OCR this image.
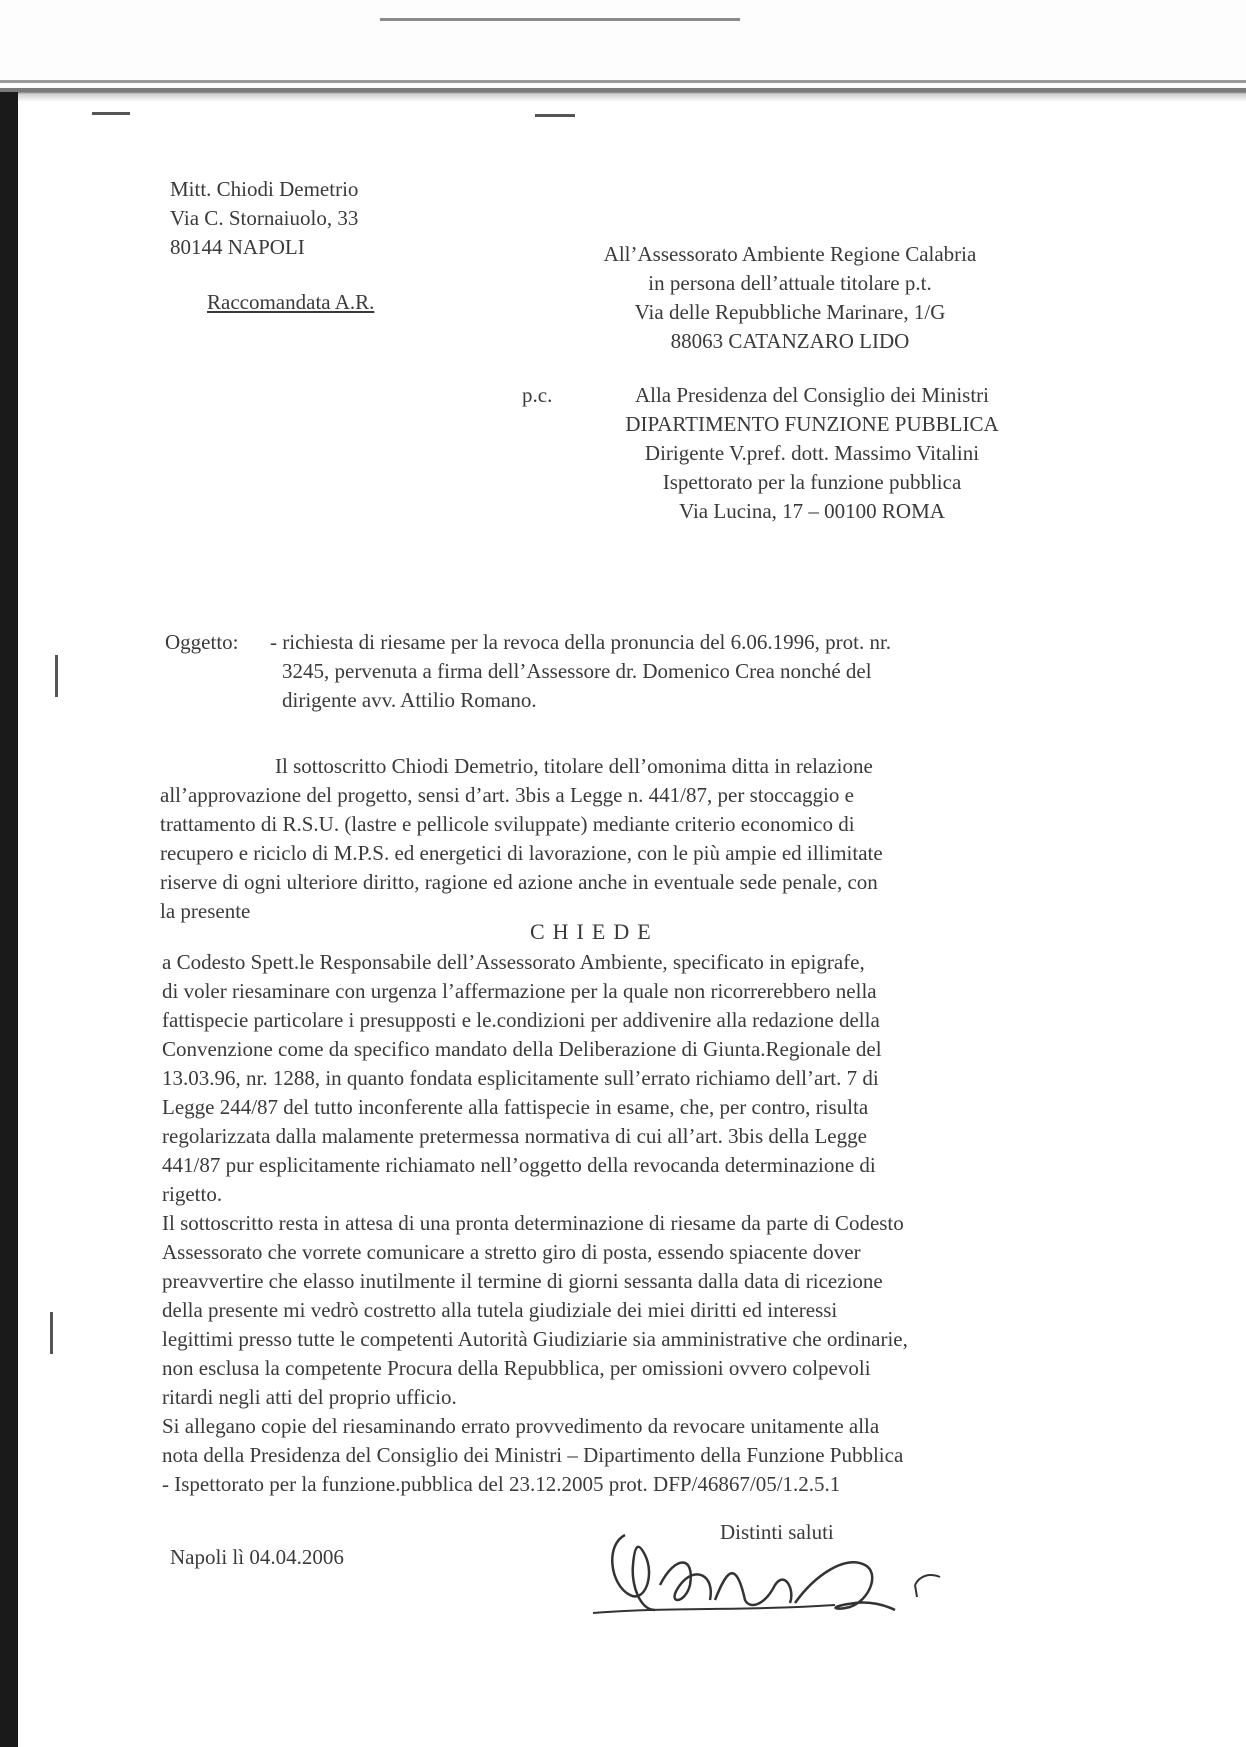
Mitt. Chiodi Demetrio
Via C. Stornaiuolo, 33
80144 NAPOLI
Raccomandata A.R.
All’Assessorato Ambiente Regione Calabria
in persona dell’attuale titolare p.t.
Via delle Repubbliche Marinare, 1/G
88063 CATANZARO LIDO
p.c.	Alla Presidenza del Consiglio dei Ministri
DIPARTIMENTO FUNZIONE PUBBLICA
Dirigente V.pref. dott. Massimo Vitalini
Ispettorato per la funzione pubblica
Via Lucina, 17 – 00100 ROMA
Oggetto:	- richiesta di riesame per la revoca della pronuncia del 6.06.1996, prot. nr.
3245, pervenuta a firma dell’Assessore dr. Domenico Crea nonché del
dirigente avv. Attilio Romano.
Il sottoscritto Chiodi Demetrio, titolare dell’omonima ditta in relazione
all’approvazione del progetto, sensi d’art. 3bis a Legge n. 441/87, per stoccaggio e
trattamento di R.S.U. (lastre e pellicole sviluppate) mediante criterio economico di
recupero e riciclo di M.P.S. ed energetici di lavorazione, con le più ampie ed illimitate
riserve di ogni ulteriore diritto, ragione ed azione anche in eventuale sede penale, con
la presente
CHIEDE
a Codesto Spett.le Responsabile dell’Assessorato Ambiente, specificato in epigrafe,
di voler riesaminare con urgenza l’affermazione per la quale non ricorrerebbero nella
fattispecie particolare i presupposti e le.condizioni per addivenire alla redazione della
Convenzione come da specifico mandato della Deliberazione di Giunta.Regionale del
13.03.96, nr. 1288, in quanto fondata esplicitamente sull’errato richiamo dell’art. 7 di
Legge 244/87 del tutto inconferente alla fattispecie in esame, che, per contro, risulta
regolarizzata dalla malamente pretermessa normativa di cui all’art. 3bis della Legge
441/87 pur esplicitamente richiamato nell’oggetto della revocanda determinazione di
rigetto.
Il sottoscritto resta in attesa di una pronta determinazione di riesame da parte di Codesto
Assessorato che vorrete comunicare a stretto giro di posta, essendo spiacente dover
preavvertire che elasso inutilmente il termine di giorni sessanta dalla data di ricezione
della presente mi vedrò costretto alla tutela giudiziale dei miei diritti ed interessi
legittimi presso tutte le competenti Autorità Giudiziarie sia amministrative che ordinarie,
non esclusa la competente Procura della Repubblica, per omissioni ovvero colpevoli
ritardi negli atti del proprio ufficio.
Si allegano copie del riesaminando errato provvedimento da revocare unitamente alla
nota della Presidenza del Consiglio dei Ministri – Dipartimento della Funzione Pubblica
- Ispettorato per la funzione.pubblica del 23.12.2005 prot. DFP/46867/05/1.2.5.1
Distinti saluti
Napoli lì 04.04.2006
